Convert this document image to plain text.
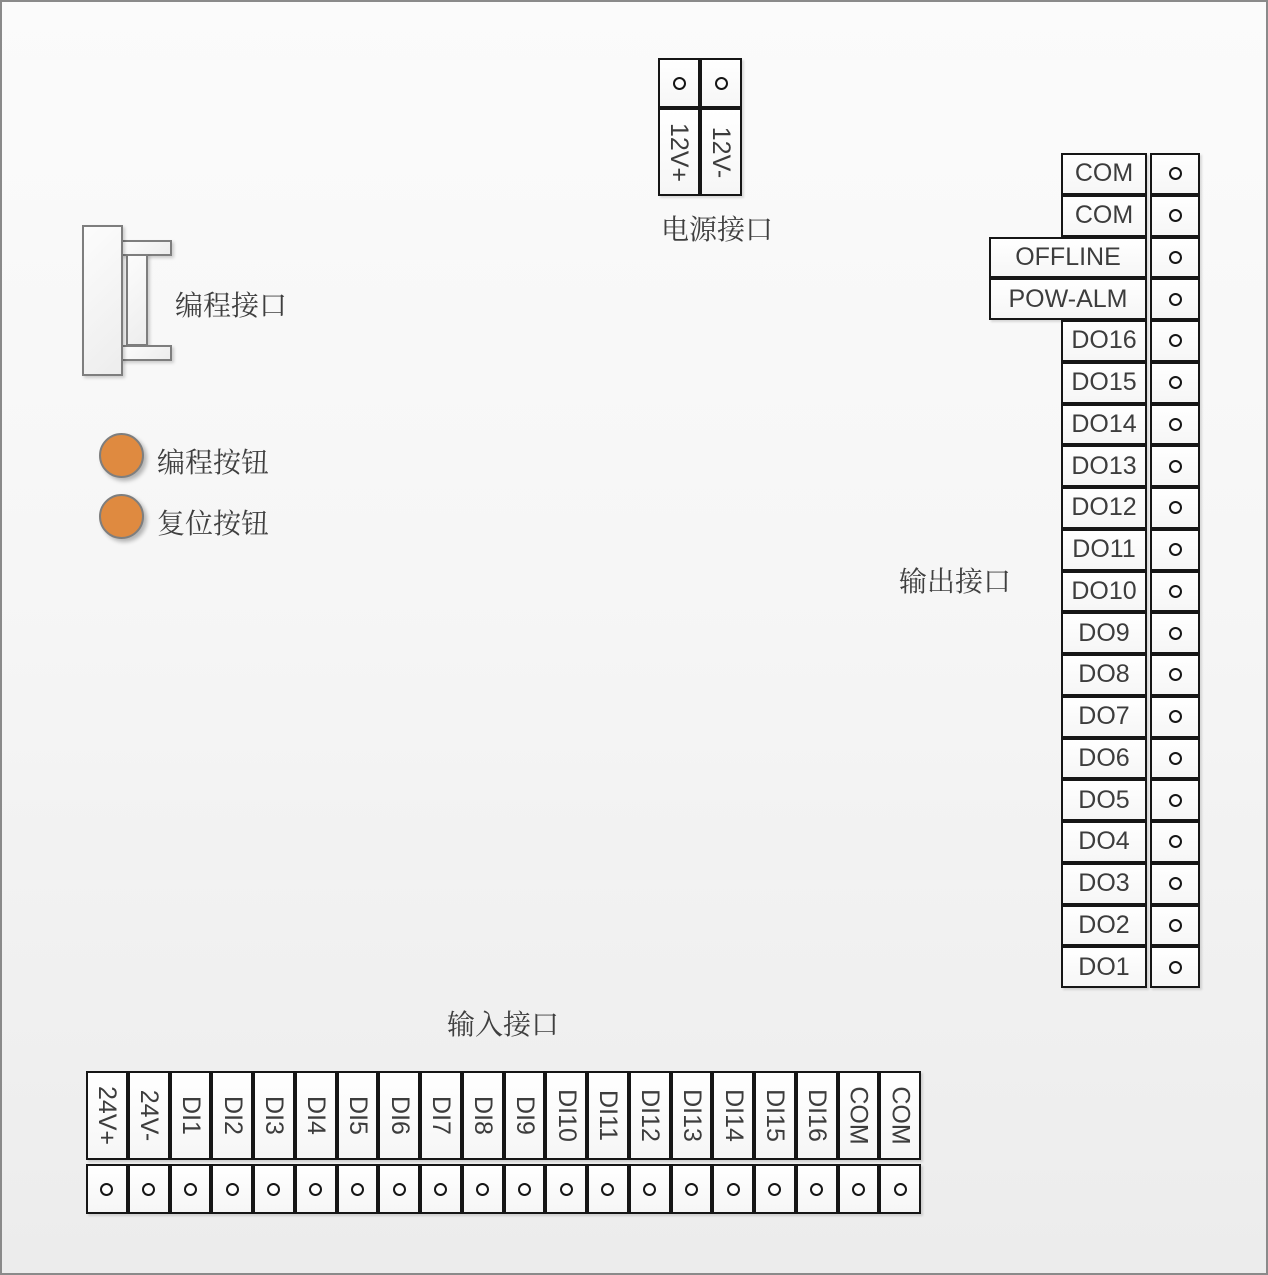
12V+ 12V-
电源接口
编程接口
编程按钮
复位按钮
输出接口
COM
COM
OFFLINE
POW-ALM
DO16
DO15
DO14
DO13
DO12
DO11
DO10
DO9
DO8
DO7
DO6
DO5
DO4
DO3
DO2
DO1
输入接口
24V+ 24V- DI1 DI2 DI3 DI4 DI5 DI6 DI7 DI8 DI9 DI10 DI11 DI12 DI13 DI14 DI15 DI16 COM COM
